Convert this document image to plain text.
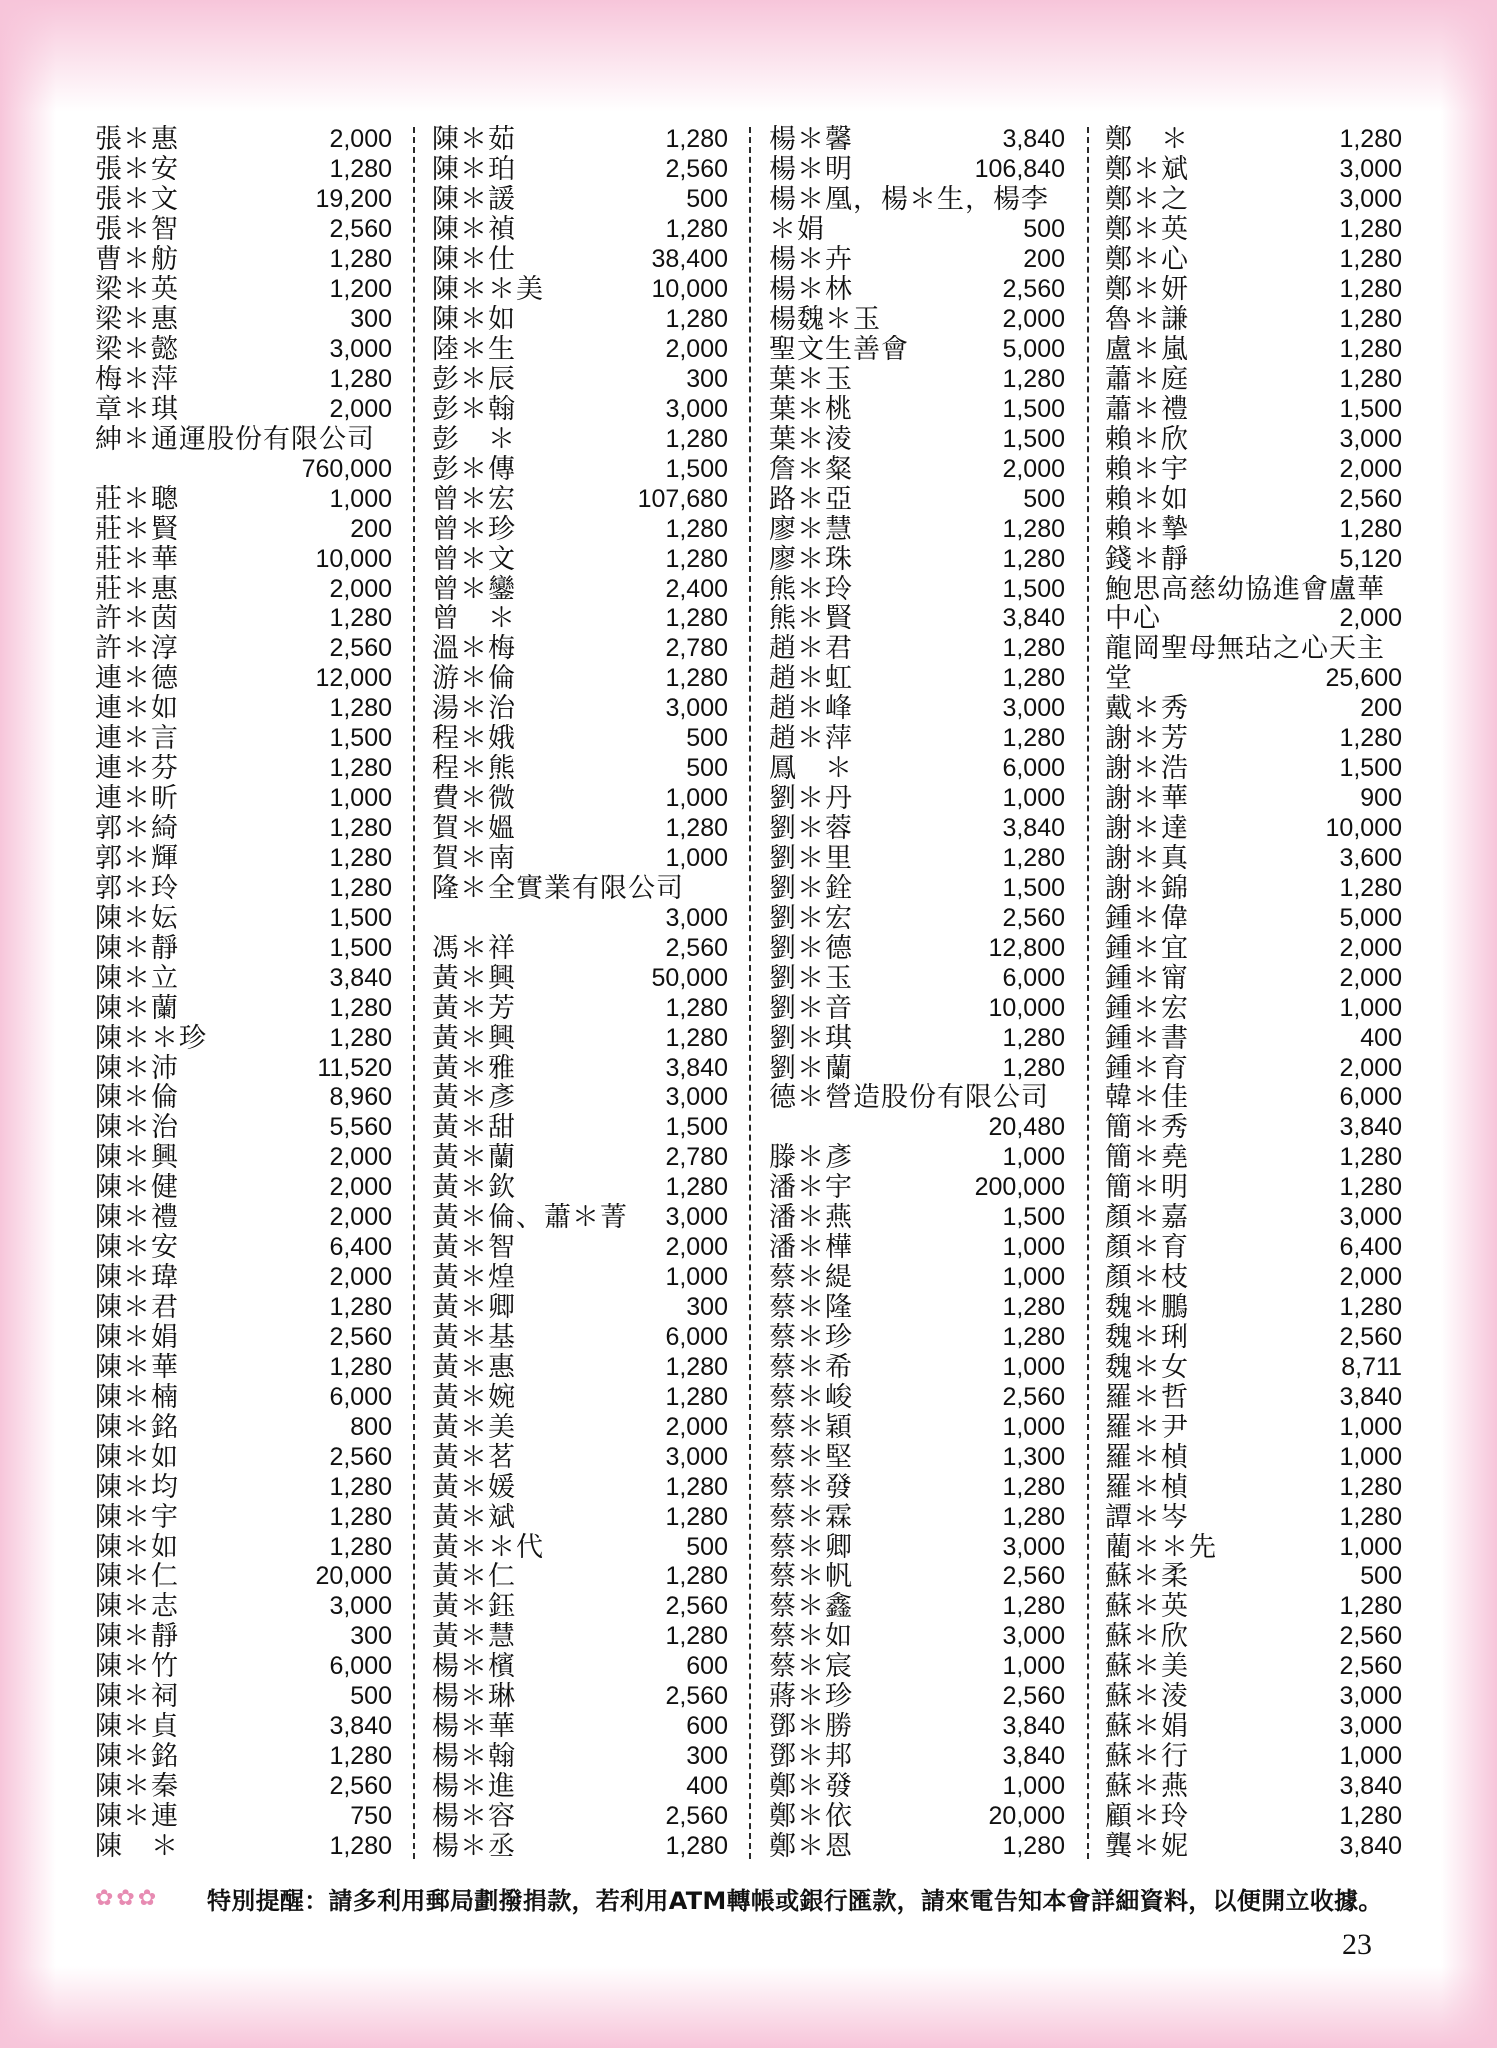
張＊惠	2,000
張＊安	1,280
張＊文	19,200
張＊智	2,560
曹＊舫	1,280
梁＊英	1,200
梁＊惠	300
梁＊懿	3,000
梅＊萍	1,280
章＊琪	2,000
紳＊通運股份有限公司
760,000
莊＊聰	1,000
莊＊賢	200
莊＊華	10,000
莊＊惠	2,000
許＊茵	1,280
許＊淳	2,560
連＊德	12,000
連＊如	1,280
連＊言	1,500
連＊芬	1,280
連＊昕	1,000
郭＊綺	1,280
郭＊輝	1,280
郭＊玲	1,280
陳＊妘	1,500
陳＊靜	1,500
陳＊立	3,840
陳＊蘭	1,280
陳＊＊珍	1,280
陳＊沛	11,520
陳＊倫	8,960
陳＊治	5,560
陳＊興	2,000
陳＊健	2,000
陳＊禮	2,000
陳＊安	6,400
陳＊瑋	2,000
陳＊君	1,280
陳＊娟	2,560
陳＊華	1,280
陳＊楠	6,000
陳＊銘	800
陳＊如	2,560
陳＊均	1,280
陳＊宇	1,280
陳＊如	1,280
陳＊仁	20,000
陳＊志	3,000
陳＊靜	300
陳＊竹	6,000
陳＊祠	500
陳＊貞	3,840
陳＊銘	1,280
陳＊秦	2,560
陳＊連	750
陳　＊	1,280
陳＊茹	1,280
陳＊珀	2,560
陳＊諼	500
陳＊禎	1,280
陳＊仕	38,400
陳＊＊美	10,000
陳＊如	1,280
陸＊生	2,000
彭＊辰	300
彭＊翰	3,000
彭　＊	1,280
彭＊傳	1,500
曾＊宏	107,680
曾＊珍	1,280
曾＊文	1,280
曾＊鑾	2,400
曾　＊	1,280
溫＊梅	2,780
游＊倫	1,280
湯＊治	3,000
程＊娥	500
程＊熊	500
費＊微	1,000
賀＊媼	1,280
賀＊南	1,000
隆＊全實業有限公司
3,000
馮＊祥	2,560
黃＊興	50,000
黃＊芳	1,280
黃＊興	1,280
黃＊雅	3,840
黃＊彥	3,000
黃＊甜	1,500
黃＊蘭	2,780
黃＊欽	1,280
黃＊倫、蕭＊菁 3,000
黃＊智	2,000
黃＊煌	1,000
黃＊卿	300
黃＊基	6,000
黃＊惠	1,280
黃＊婉	1,280
黃＊美	2,000
黃＊茗	3,000
黃＊媛	1,280
黃＊斌	1,280
黃＊＊代	500
黃＊仁	1,280
黃＊鈺	2,560
黃＊慧	1,280
楊＊檳	600
楊＊琳	2,560
楊＊華	600
楊＊翰	300
楊＊進	400
楊＊容	2,560
楊＊丞	1,280
楊＊馨	3,840
楊＊明	106,840
楊＊凰，楊＊生，楊李
＊娟	500
楊＊卉	200
楊＊林	2,560
楊魏＊玉	2,000
聖文生善會	5,000
葉＊玉	1,280
葉＊桃	1,500
葉＊淩	1,500
詹＊粲	2,000
路＊亞	500
廖＊慧	1,280
廖＊珠	1,280
熊＊玲	1,500
熊＊賢	3,840
趙＊君	1,280
趙＊虹	1,280
趙＊峰	3,000
趙＊萍	1,280
鳳　＊	6,000
劉＊丹	1,000
劉＊蓉	3,840
劉＊里	1,280
劉＊銓	1,500
劉＊宏	2,560
劉＊德	12,800
劉＊玉	6,000
劉＊音	10,000
劉＊琪	1,280
劉＊蘭	1,280
德＊營造股份有限公司
20,480
滕＊彥	1,000
潘＊宇	200,000
潘＊燕	1,500
潘＊樺	1,000
蔡＊緹	1,000
蔡＊隆	1,280
蔡＊珍	1,280
蔡＊希	1,000
蔡＊峻	2,560
蔡＊穎	1,000
蔡＊堅	1,300
蔡＊發	1,280
蔡＊霖	1,280
蔡＊卿	3,000
蔡＊帆	2,560
蔡＊鑫	1,280
蔡＊如	3,000
蔡＊宸	1,000
蔣＊珍	2,560
鄧＊勝	3,840
鄧＊邦	3,840
鄭＊發	1,000
鄭＊依	20,000
鄭＊恩	1,280
鄭　＊	1,280
鄭＊斌	3,000
鄭＊之	3,000
鄭＊英	1,280
鄭＊心	1,280
鄭＊妍	1,280
魯＊謙	1,280
盧＊嵐	1,280
蕭＊庭	1,280
蕭＊禮	1,500
賴＊欣	3,000
賴＊宇	2,000
賴＊如	2,560
賴＊摯	1,280
錢＊靜	5,120
鮑思高慈幼協進會盧華
中心	2,000
龍岡聖母無玷之心天主
堂	25,600
戴＊秀	200
謝＊芳	1,280
謝＊浩	1,500
謝＊華	900
謝＊達	10,000
謝＊真	3,600
謝＊錦	1,280
鍾＊偉	5,000
鍾＊宜	2,000
鍾＊甯	2,000
鍾＊宏	1,000
鍾＊書	400
鍾＊育	2,000
韓＊佳	6,000
簡＊秀	3,840
簡＊堯	1,280
簡＊明	1,280
顏＊嘉	3,000
顏＊育	6,400
顏＊枝	2,000
魏＊鵬	1,280
魏＊琍	2,560
魏＊女	8,711
羅＊哲	3,840
羅＊尹	1,000
羅＊楨	1,000
羅＊楨	1,280
譚＊岑	1,280
藺＊＊先	1,000
蘇＊柔	500
蘇＊英	1,280
蘇＊欣	2,560
蘇＊美	2,560
蘇＊淩	3,000
蘇＊娟	3,000
蘇＊行	1,000
蘇＊燕	3,840
顧＊玲	1,280
龔＊妮	3,840
✿✿✿
特別提醒：請多利用郵局劃撥捐款，若利用ATM轉帳或銀行匯款，請來電告知本會詳細資料，以便開立收據。
23
